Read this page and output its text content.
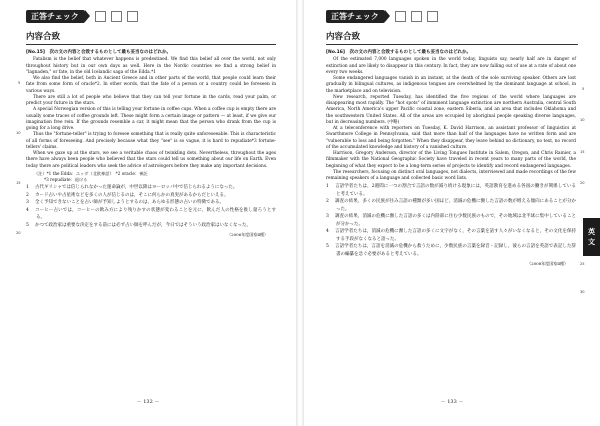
正答チェック
内容合致

[No.15]　次の文の内容と合致するものとして最も妥当なのはどれか。

Fatalism is the belief that whatever happens is predestined. We find this belief all over the world, not only throughout history but in our own days as well. Here in the Nordic countries we find a strong belief in "lagnaden," or fate, in the old Icelandic saga of the Edda.*1

We also find the belief, both in Ancient Greece and in other parts of the world, that people could learn their fate from some form of oracle*2. In other words, that the fate of a person or a country could be foreseen in various ways.

There are still a lot of people who believe that they can tell your fortune in the cards, read your palm, or predict your future in the stars.

A special Norwegian version of this is telling your fortune in coffee cups. When a coffee cup is empty there are usually some traces of coffee grounds left. These might form a certain image or pattern — at least, if we give our imagination free rein. If the grounds resemble a car, it might mean that the person who drank from the cup is going for a long drive.

Thus the "fortune-teller" is trying to foresee something that is really quite unforeseeable. This is characteristic of all forms of foreseeing. And precisely because what they "see" is so vague, it is hard to repudiate*3 fortune-tellers' claims.

When we gaze up at the stars, we see a veritable chaos of twinkling dots. Nevertheless, throughout the ages there have always been people who believed that the stars could tell us something about our life on Earth. Even today there are political leaders who seek the advice of astrologers before they make any important decisions.

（注）*1 the Edda：エッダ（北欧神話）　*2 oracle：神託
*3 repudiate：退ける
1 古代ギリシャでは信じられなかった運命論が，中世以降はヨーロッパ中で信じられるようになった。
2 カード占いや占星術などを多くの人が信じるのは，そこに何らかの真実があるからだといえる。
3 全く予知できないことを占い師が予知しようとするのは，あらゆる形態の占いの特徴である。
4 コーヒー占いでは，コーヒーの飲み方により残りかすの状態が変わることを元に，飲んだ人の性格を推し量ろうとする。
5 かつて政治家は重要な決定をする前には必ず占い師を呼んだが，今日ではそういう政治家はいなくなった。
（2006年度国家Ⅱ種）
5
10
15
20
－ 132 －
正答チェック
内容合致

[No.16]　次の文の内容と合致するものとして最も妥当なのはどれか。

Of the estimated 7,000 languages spoken in the world today, linguists say, nearly half are in danger of extinction and are likely to disappear in this century. In fact, they are now falling out of use at a rate of about one every two weeks.

Some endangered languages vanish in an instant, at the death of the sole surviving speaker. Others are lost gradually in bilingual cultures, as indigenous tongues are overwhelmed by the dominant language at school, in the marketplace and on television.

New research, reported Tuesday, has identified the five regions of the world where languages are disappearing most rapidly. The "hot spots" of imminent language extinction are northern Australia, central South America, North America's upper Pacific coastal zone, eastern Siberia, and an area that includes Oklahoma and the southwestern United States. All of the areas are occupied by aboriginal people speaking diverse languages, but in decreasing numbers. (中略)

At a teleconference with reporters on Tuesday, K. David Harrison, an assistant professor of linguistics at Swarthmore College in Pennsylvania, said that more than half of the languages have no written form and are "vulnerable to loss and being forgotten." When they disappear, they leave behind no dictionary, no text, no record of the accumulated knowledge and history of a vanished culture.

Harrison, Gregory Anderson, director of the Living Tongues Institute in Salem, Oregon, and Chris Rainier, a filmmaker with the National Geographic Society have traveled in recent years to many parts of the world, the beginning of what they expect to be a long-term series of projects to identify and record endangered languages.

The researchers, focusing on distinct oral languages, not dialects, interviewed and made recordings of the few remaining speakers of a language and collected basic word lists.

1 言語学者たちは，2週間に一つの割合で言語の数が減り続ける現象には，英語教育を進める各国の働きが関係していると考えている。
2 調査の結果，多くの民族が住み言語の種類が多い国ほど，消滅の危機に瀕した言語の数が増える傾向にあることが分かった。
3 調査の結果，消滅の危機に瀕した言語の多くは内陸部に住む少数民族のもので，その地域は北半球に集中していることが分かった。
4 言語学者たちは，消滅の危機に瀕した言語の多くに文字がなく，その言葉を話す人々がいなくなると，その文化を保持する手段がなくなると語った。
5 言語学者たちは，言語を消滅の危機から救うために，少数民族の言葉を録音・記録し，彼らの言語を英語で表記した辞書の編纂を急ぐ必要があると考えている。
（2008年度国家Ⅱ種）
5
10
15
20
25
30
－ 133 －
英
文
